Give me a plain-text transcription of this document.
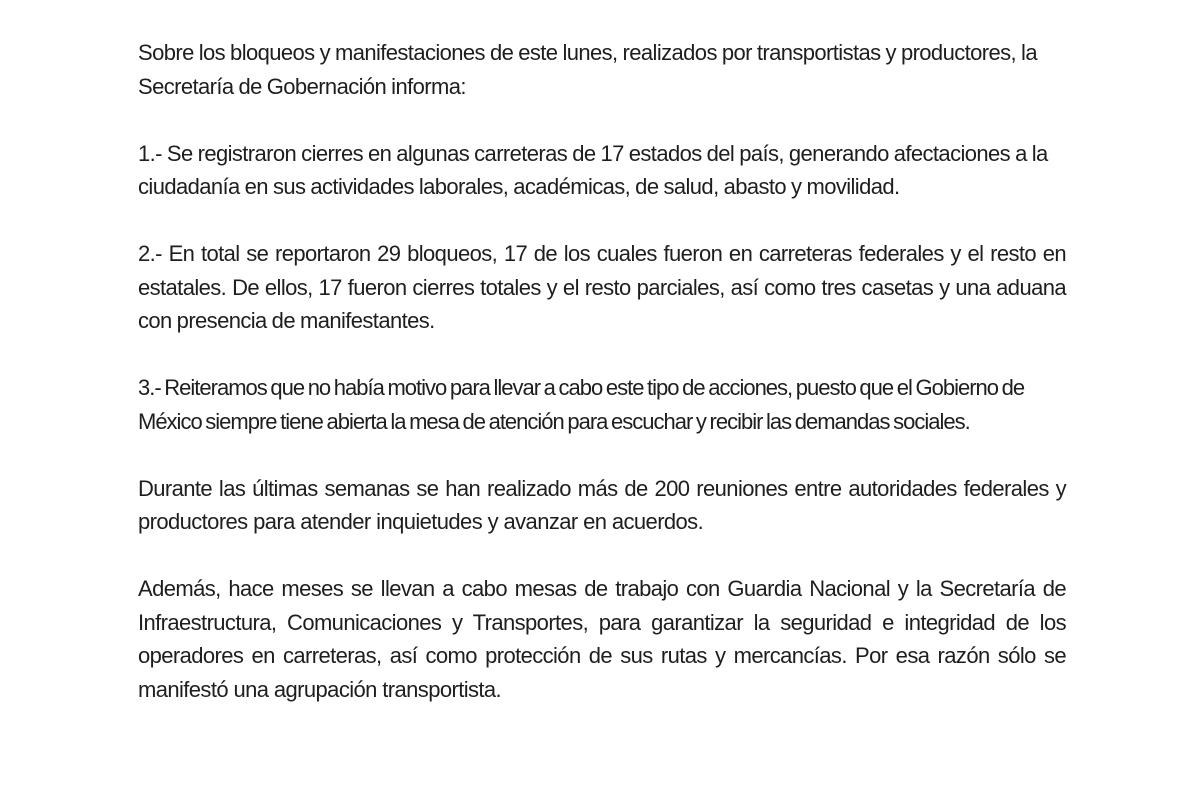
Sobre los bloqueos y manifestaciones de este lunes, realizados por transportistas y productores, la Secretaría de Gobernación informa:

1.- Se registraron cierres en algunas carreteras de 17 estados del país, generando afectaciones a la ciudadanía en sus actividades laborales, académicas, de salud, abasto y movilidad.

2.- En total se reportaron 29 bloqueos, 17 de los cuales fueron en carreteras federales y el resto en estatales. De ellos, 17 fueron cierres totales y el resto parciales, así como tres casetas y una aduana con presencia de manifestantes.

3.- Reiteramos que no había motivo para llevar a cabo este tipo de acciones, puesto que el Gobierno de México siempre tiene abierta la mesa de atención para escuchar y recibir las demandas sociales.

Durante las últimas semanas se han realizado más de 200 reuniones entre autoridades federales y productores para atender inquietudes y avanzar en acuerdos.

Además, hace meses se llevan a cabo mesas de trabajo con Guardia Nacional y la Secretaría de Infraestructura, Comunicaciones y Transportes, para garantizar la seguridad e integridad de los operadores en carreteras, así como protección de sus rutas y mercancías. Por esa razón sólo se manifestó una agrupación transportista.
